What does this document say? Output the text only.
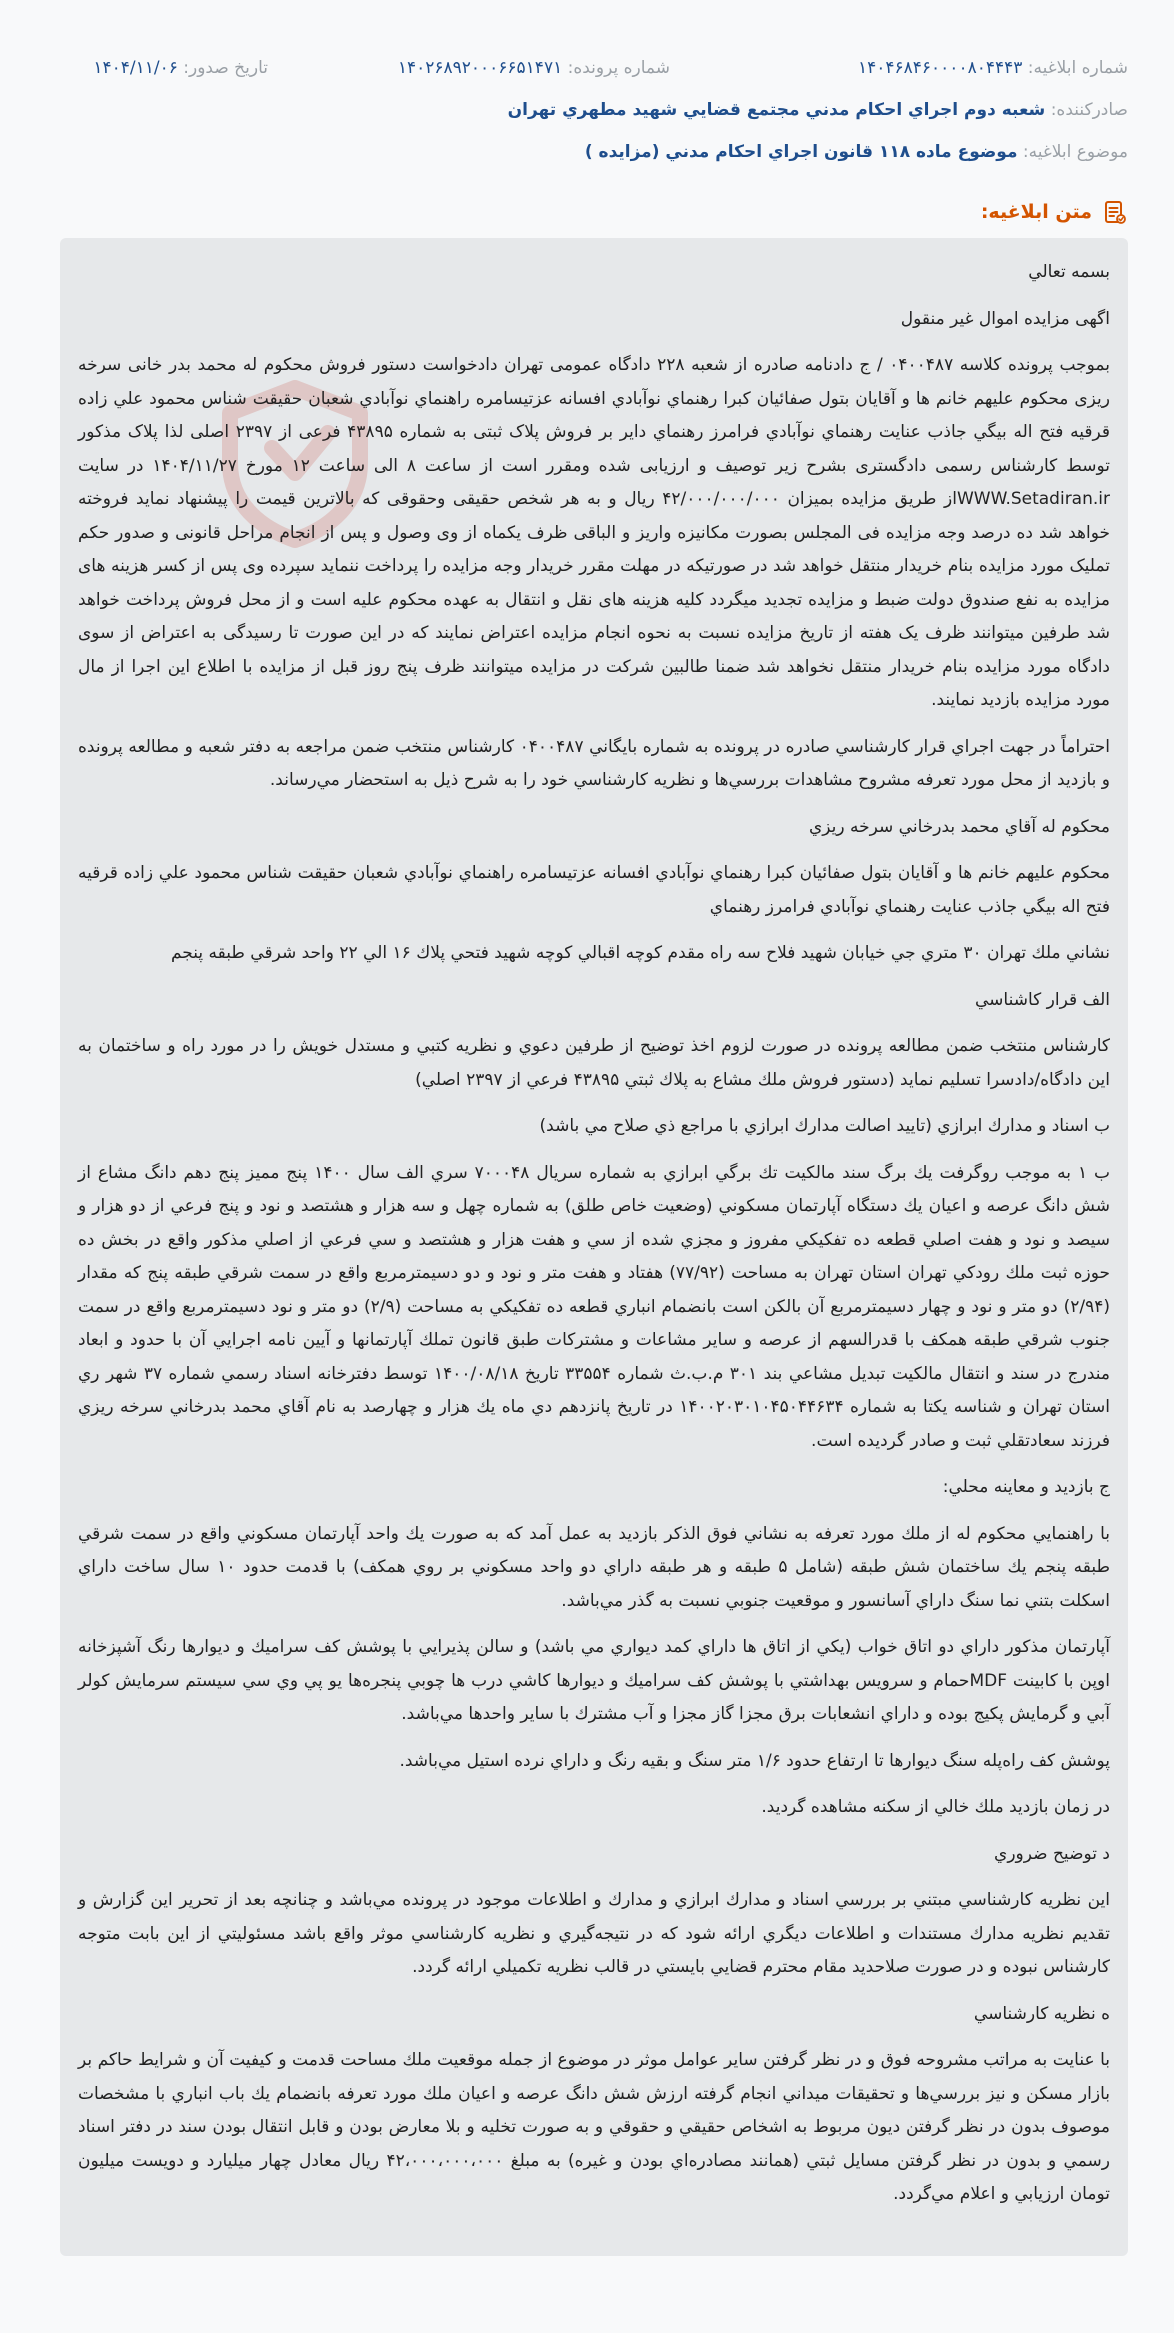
شماره ابلاغيه:

۱۴۰۴۶۸۴۶۰۰۰۰۸۰۴۴۴۳
شماره پرونده:

۱۴۰۲۶۸۹۲۰۰۰۶۶۵۱۴۷۱
تاريخ صدور:

۱۴۰۴/۱۱/۰۶
صادرکننده:

شعبه دوم اجراي احکام مدني مجتمع قضايي شهيد مطهري تهران
موضوع ابلاغيه:

موضوع ماده ۱۱۸ قانون اجراي احکام مدني (مزايده )
متن ابلاغيه:

بسمه تعالي

اگهی مزايده اموال غير منقول

بموجب پرونده کلاسه ۰۴۰۰۴۸۷ / ج دادنامه صادره از شعبه ۲۲۸ دادگاه عمومی تهران دادخواست دستور فروش محکوم له محمد بدر خانی سرخه ريزی محکوم عليهم خانم ها و آقايان بتول صفائيان کبرا رهنماي نوآبادي افسانه عزتيسامره راهنماي نوآبادي شعبان حقيقت شناس محمود علي زاده قرقيه فتح اله بيگي جاذب عنايت رهنماي نوآبادي فرامرز رهنماي داير بر فروش پلاک ثبتی به شماره ۴۳۸۹۵ فرعی از ۲۳۹۷ اصلی لذا پلاک مذکور توسط کارشناس رسمی دادگستری بشرح زير توصيف و ارزيابی شده ومقرر است از ساعت ۸ الی ساعت ۱۲ مورخ ۱۴۰۴/۱۱/۲۷ در سايت WWW.Setadiran.irاز طريق مزايده بميزان ۴۲/۰۰۰/۰۰۰/۰۰۰ ريال و به هر شخص حقيقی وحقوقی که بالاترين قيمت را پيشنهاد نمايد فروخته خواهد شد ده درصد وجه مزايده فی المجلس بصورت مکانيزه واريز و الباقی ظرف يکماه از وی وصول و پس از انجام مراحل قانونی و صدور حکم تمليک مورد مزايده بنام خريدار منتقل خواهد شد در صورتيکه در مهلت مقرر خريدار وجه مزايده را پرداخت ننمايد سپرده وی پس از کسر هزينه های مزايده به نفع صندوق دولت ضبط و مزايده تجديد ميگردد کليه هزينه های نقل و انتقال به عهده محکوم عليه است و از محل فروش پرداخت خواهد شد طرفين ميتوانند ظرف يک هفته از تاريخ مزايده نسبت به نحوه انجام مزايده اعتراض نمايند که در اين صورت تا رسيدگی به اعتراض از سوی دادگاه مورد مزايده بنام خريدار منتقل نخواهد شد ضمنا طالبين شرکت در مزايده ميتوانند ظرف پنج روز قبل از مزايده با اطلاع اين اجرا از مال مورد مزايده بازديد نمايند.

احتراماً در جهت اجراي قرار کارشناسي صادره در پرونده به شماره بايگاني ۰۴۰۰۴۸۷ کارشناس منتخب ضمن مراجعه به دفتر شعبه و مطالعه پرونده و بازديد از محل مورد تعرفه مشروح مشاهدات بررسي‌ها و نظريه کارشناسي خود را به شرح ذيل به استحضار مي‌رساند.

محکوم له آقاي محمد بدرخاني سرخه ريزي

محکوم عليهم خانم ها و آقايان بتول صفائيان کبرا رهنماي نوآبادي افسانه عزتيسامره راهنماي نوآبادي شعبان حقيقت شناس محمود علي زاده قرقيه فتح اله بيگي جاذب عنايت رهنماي نوآبادي فرامرز رهنماي

نشاني ملك تهران ۳۰ متري جي خيابان شهيد فلاح سه راه مقدم کوچه اقبالي کوچه شهيد فتحي پلاك ۱۶ الي ۲۲ واحد شرقي طبقه پنجم

الف قرار کاشناسي

کارشناس منتخب ضمن مطالعه پرونده در صورت لزوم اخذ توضيح از طرفين دعوي و نظريه کتبي و مستدل خويش را در مورد راه و ساختمان به اين دادگاه/دادسرا تسليم نمايد (دستور فروش ملك مشاع به پلاك ثبتي ۴۳۸۹۵ فرعي از ۲۳۹۷ اصلي)

ب اسناد و مدارك ابرازي (تاييد اصالت مدارك ابرازي با مراجع ذي صلاح مي باشد)

ب ۱ به موجب روگرفت يك برگ سند مالكيت تك برگي ابرازي به شماره سريال ۷۰۰۰۴۸ سري الف سال ۱۴۰۰ پنج مميز پنج دهم دانگ مشاع از شش دانگ عرصه و اعيان يك دستگاه آپارتمان مسكوني (وضعيت خاص طلق) به شماره چهل و سه هزار و هشتصد و نود و پنج فرعي از دو هزار و سيصد و نود و هفت اصلي قطعه ده تفكيكي مفروز و مجزي شده از سي و هفت هزار و هشتصد و سي فرعي از اصلي مذكور واقع در بخش ده حوزه ثبت ملك رودكي تهران استان تهران به مساحت (۷۷/۹۲) هفتاد و هفت متر و نود و دو دسيمترمربع واقع در سمت شرقي طبقه پنج كه مقدار (۲/۹۴) دو متر و نود و چهار دسيمترمربع آن بالكن است بانضمام انباري قطعه ده تفكيكي به مساحت (۲/۹) دو متر و نود دسيمترمربع واقع در سمت جنوب شرقي طبقه همكف با قدرالسهم از عرصه و ساير مشاعات و مشتركات طبق قانون تملك آپارتمانها و آيين نامه اجرايي آن با حدود و ابعاد مندرج در سند و انتقال مالكيت تبديل مشاعي بند ۳۰۱ م.ب.ث شماره ۳۳۵۵۴ تاريخ ۱۴۰۰/۰۸/۱۸ توسط دفترخانه اسناد رسمي شماره ۳۷ شهر ري استان تهران و شناسه يكتا به شماره ۱۴۰۰۲۰۳۰۱۰۴۵۰۴۴۶۳۴ در تاريخ پانزدهم دي ماه يك هزار و چهارصد به نام آقاي محمد بدرخاني سرخه ريزي فرزند سعادتقلي ثبت و صادر گرديده است.

ج بازديد و معاينه محلي:

با راهنمايي محكوم له از ملك مورد تعرفه به نشاني فوق الذكر بازديد به عمل آمد كه به صورت يك واحد آپارتمان مسكوني واقع در سمت شرقي طبقه پنجم يك ساختمان شش طبقه (شامل ۵ طبقه و هر طبقه داراي دو واحد مسكوني بر روي همكف) با قدمت حدود ۱۰ سال ساخت داراي اسكلت بتني نما سنگ داراي آسانسور و موقعيت جنوبي نسبت به گذر مي‌باشد.

آپارتمان مذكور داراي دو اتاق خواب (يكي از اتاق ها داراي كمد ديواري مي باشد) و سالن پذيرايي با پوشش كف سراميك و ديوارها رنگ آشپزخانه اوپن با كابينت MDFحمام و سرويس بهداشتي با پوشش كف سراميك و ديوارها كاشي درب ها چوبي پنجره‌ها يو پي وي سي سيستم سرمايش كولر آبي و گرمايش پكيج بوده و داراي انشعابات برق مجزا گاز مجزا و آب مشترك با ساير واحدها مي‌باشد.

پوشش كف راه‌پله سنگ ديوارها تا ارتفاع حدود ۱/۶ متر سنگ و بقيه رنگ و داراي نرده استيل مي‌باشد.

در زمان بازديد ملك خالي از سكنه مشاهده گرديد.

د توضيح ضروري

اين نظريه كارشناسي مبتني بر بررسي اسناد و مدارك ابرازي و مدارك و اطلاعات موجود در پرونده مي‌باشد و چنانچه بعد از تحرير اين گزارش و تقديم نظريه مدارك مستندات و اطلاعات ديگري ارائه شود كه در نتيجه‌گيري و نظريه كارشناسي موثر واقع باشد مسئوليتي از اين بابت متوجه كارشناس نبوده و در صورت صلاحديد مقام محترم قضايي بايستي در قالب نظريه تكميلي ارائه گردد.

ه نظريه كارشناسي

با عنايت به مراتب مشروحه فوق و در نظر گرفتن ساير عوامل موثر در موضوع از جمله موقعيت ملك مساحت قدمت و كيفيت آن و شرايط حاكم بر بازار مسكن و نيز بررسي‌ها و تحقيقات ميداني انجام گرفته ارزش شش دانگ عرصه و اعيان ملك مورد تعرفه بانضمام يك باب انباري با مشخصات موصوف بدون در نظر گرفتن ديون مربوط به اشخاص حقيقي و حقوقي و به صورت تخليه و بلا معارض بودن و قابل انتقال بودن سند در دفتر اسناد رسمي و بدون در نظر گرفتن مسايل ثبتي (همانند مصادره‌اي بودن و غيره) به مبلغ ۴۲،۰۰۰،۰۰۰،۰۰۰ ريال معادل چهار ميليارد و دويست ميليون تومان ارزيابي و اعلام مي‌گردد.
